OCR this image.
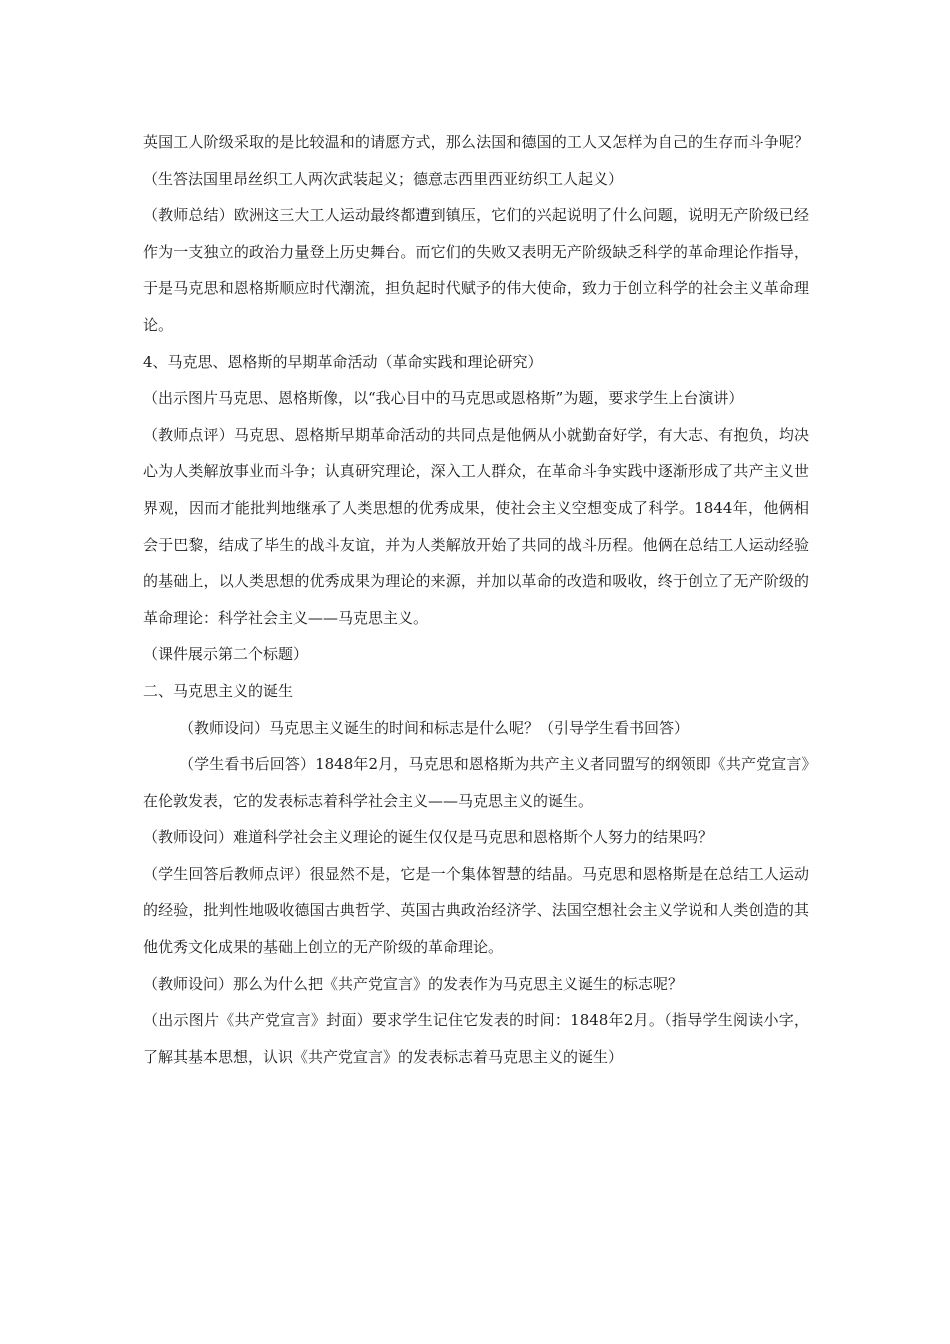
英国工人阶级采取的是比较温和的请愿方式，那么法国和德国的工人又怎样为自己的生存而斗争呢？（生答法国里昂丝织工人两次武装起义；德意志西里西亚纺织工人起义）

（教师总结）欧洲这三大工人运动最终都遭到镇压，它们的兴起说明了什么问题，说明无产阶级已经作为一支独立的政治力量登上历史舞台。而它们的失败又表明无产阶级缺乏科学的革命理论作指导，于是马克思和恩格斯顺应时代潮流，担负起时代赋予的伟大使命，致力于创立科学的社会主义革命理论。

4、马克思、恩格斯的早期革命活动（革命实践和理论研究）

（出示图片马克思、恩格斯像，以“我心目中的马克思或恩格斯”为题，要求学生上台演讲）

（教师点评）马克思、恩格斯早期革命活动的共同点是他俩从小就勤奋好学，有大志、有抱负，均决心为人类解放事业而斗争；认真研究理论，深入工人群众，在革命斗争实践中逐渐形成了共产主义世界观，因而才能批判地继承了人类思想的优秀成果，使社会主义空想变成了科学。1844年，他俩相会于巴黎，结成了毕生的战斗友谊，并为人类解放开始了共同的战斗历程。他俩在总结工人运动经验的基础上，以人类思想的优秀成果为理论的来源，并加以革命的改造和吸收，终于创立了无产阶级的革命理论：科学社会主义——马克思主义。

（课件展示第二个标题）

二、马克思主义的诞生

（教师设问）马克思主义诞生的时间和标志是什么呢？（引导学生看书回答）

（学生看书后回答）1848年2月，马克思和恩格斯为共产主义者同盟写的纲领即《共产党宣言》在伦敦发表，它的发表标志着科学社会主义——马克思主义的诞生。

（教师设问）难道科学社会主义理论的诞生仅仅是马克思和恩格斯个人努力的结果吗？

（学生回答后教师点评）很显然不是，它是一个集体智慧的结晶。马克思和恩格斯是在总结工人运动的经验，批判性地吸收德国古典哲学、英国古典政治经济学、法国空想社会主义学说和人类创造的其他优秀文化成果的基础上创立的无产阶级的革命理论。

（教师设问）那么为什么把《共产党宣言》的发表作为马克思主义诞生的标志呢？

（出示图片《共产党宣言》封面）要求学生记住它发表的时间：1848年2月。（指导学生阅读小字，了解其基本思想，认识《共产党宣言》的发表标志着马克思主义的诞生）
